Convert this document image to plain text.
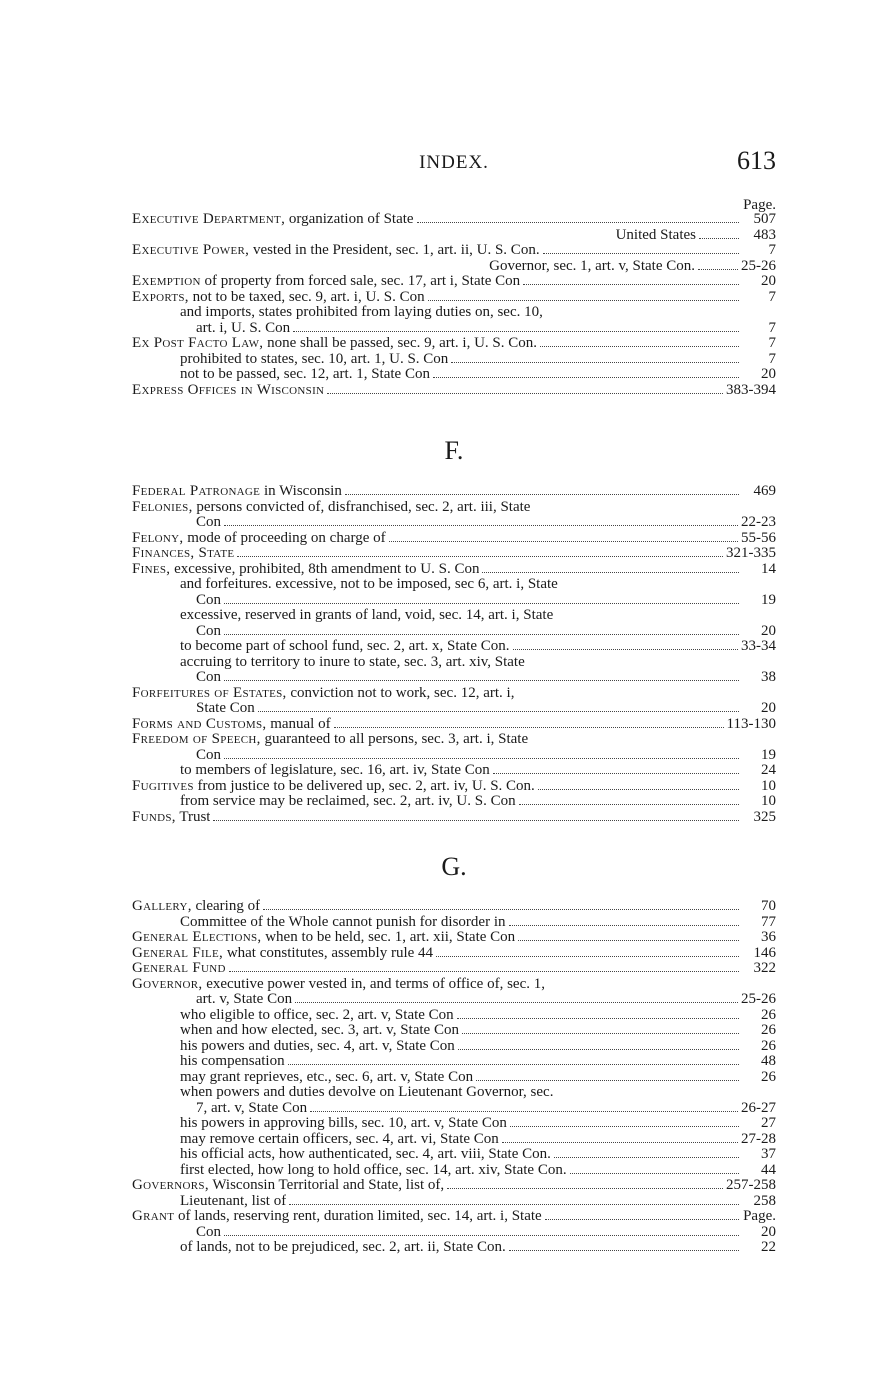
INDEX.	613
Page.
Executive Department, organization of State	507
United States	483
Executive Power, vested in the President, sec. 1, art. ii, U. S. Con.	7
Governor, sec. 1, art. v, State Con.	25-26
Exemption of property from forced sale, sec. 17, art i, State Con	20
Exports, not to be taxed, sec. 9, art. i, U. S. Con	7
and imports, states prohibited from laying duties on, sec. 10,
art. i, U. S. Con	7
Ex Post Facto Law, none shall be passed, sec. 9, art. i, U. S. Con.	7
prohibited to states, sec. 10, art. 1, U. S. Con	7
not to be passed, sec. 12, art. 1, State Con	20
Express Offices in Wisconsin	383-394
F.
Federal Patronage in Wisconsin	469
Felonies, persons convicted of, disfranchised, sec. 2, art. iii, State
Con	22-23
Felony, mode of proceeding on charge of	55-56
Finances, State	321-335
Fines, excessive, prohibited, 8th amendment to U. S. Con	14
and forfeitures. excessive, not to be imposed, sec 6, art. i, State
Con	19
excessive, reserved in grants of land, void, sec. 14, art. i, State
Con	20
to become part of school fund, sec. 2, art. x, State Con.	33-34
accruing to territory to inure to state, sec. 3, art. xiv, State
Con	38
Forfeitures of Estates, conviction not to work, sec. 12, art. i,
State Con	20
Forms and Customs, manual of	113-130
Freedom of Speech, guaranteed to all persons, sec. 3, art. i, State
Con	19
to members of legislature, sec. 16, art. iv, State Con	24
Fugitives from justice to be delivered up, sec. 2, art. iv, U. S. Con.	10
from service may be reclaimed, sec. 2, art. iv, U. S. Con	10
Funds, Trust	325
G.
Gallery, clearing of	70
Committee of the Whole cannot punish for disorder in	77
General Elections, when to be held, sec. 1, art. xii, State Con	36
General File, what constitutes, assembly rule 44	146
General Fund	322
Governor, executive power vested in, and terms of office of, sec. 1,
art. v, State Con	25-26
who eligible to office, sec. 2, art. v, State Con	26
when and how elected, sec. 3, art. v, State Con	26
his powers and duties, sec. 4, art. v, State Con	26
his compensation	48
may grant reprieves, etc., sec. 6, art. v, State Con	26
when powers and duties devolve on Lieutenant Governor, sec.
7, art. v, State Con	26-27
his powers in approving bills, sec. 10, art. v, State Con	27
may remove certain officers, sec. 4, art. vi, State Con	27-28
his official acts, how authenticated, sec. 4, art. viii, State Con.	37
first elected, how long to hold office, sec. 14, art. xiv, State Con.	44
Governors, Wisconsin Territorial and State, list of,	257-258
Lieutenant, list of	258
Grant of lands, reserving rent, duration limited, sec. 14, art. i, State	Page.
Con	20
of lands, not to be prejudiced, sec. 2, art. ii, State Con.	22
